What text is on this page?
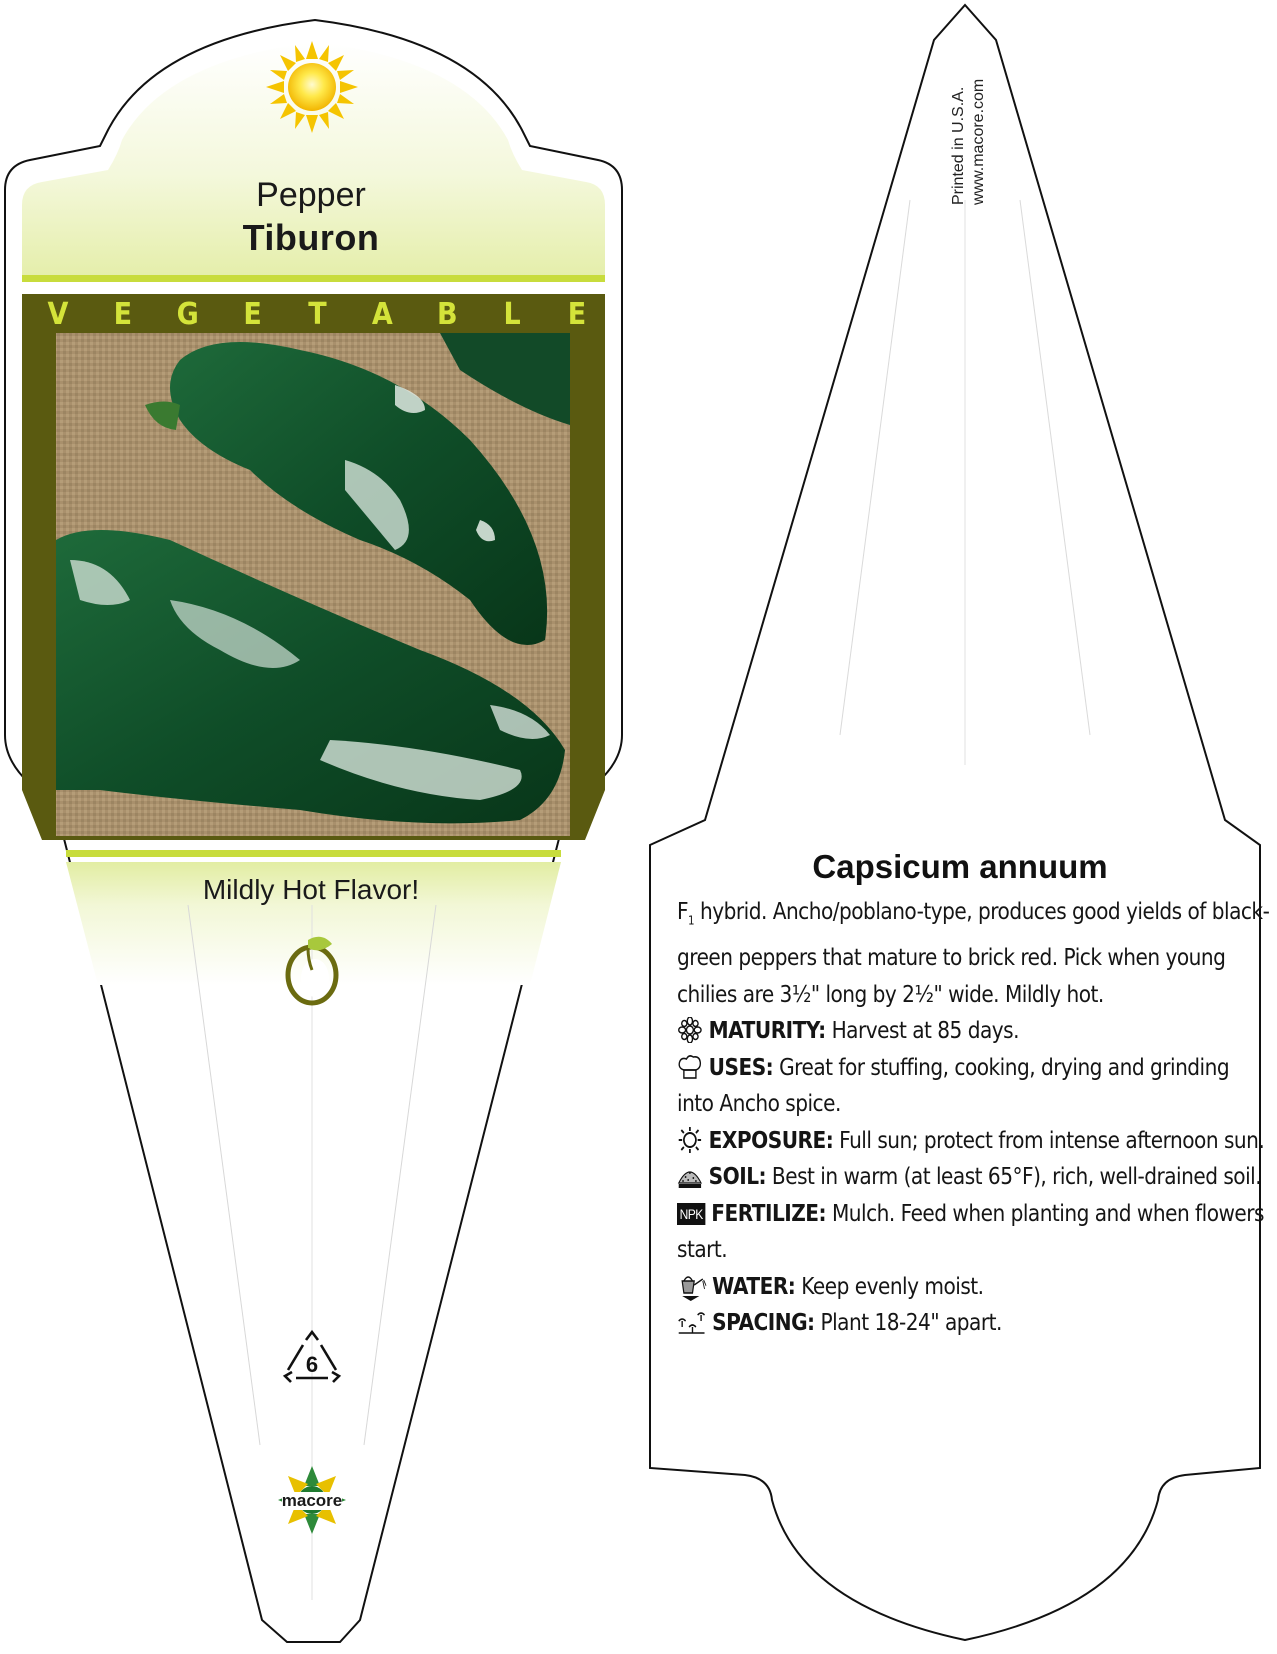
Pepper
Tiburon
V E G E T A B	L	E
Mildly Hot Flavor!
6
macore
Printed in U.S.A. www.macore.com
Capsicum annuum

$F_1$ hybrid. Ancho/poblano-type, produces good yields of black-green peppers that mature to brick red. Pick when young chilies are 3½" long by 2½" wide. Mildly hot.

MATURITY: Harvest at 85 days.

USES: Great for stuffing, cooking, drying and grinding into Ancho spice.

EXPOSURE: Full sun; protect from intense afternoon sun.

SOIL: Best in warm (at least 65°F), rich, well-drained soil.

NPK FERTILIZE: Mulch. Feed when planting and when flowers start.

WATER: Keep evenly moist.

SPACING: Plant 18-24" apart.
